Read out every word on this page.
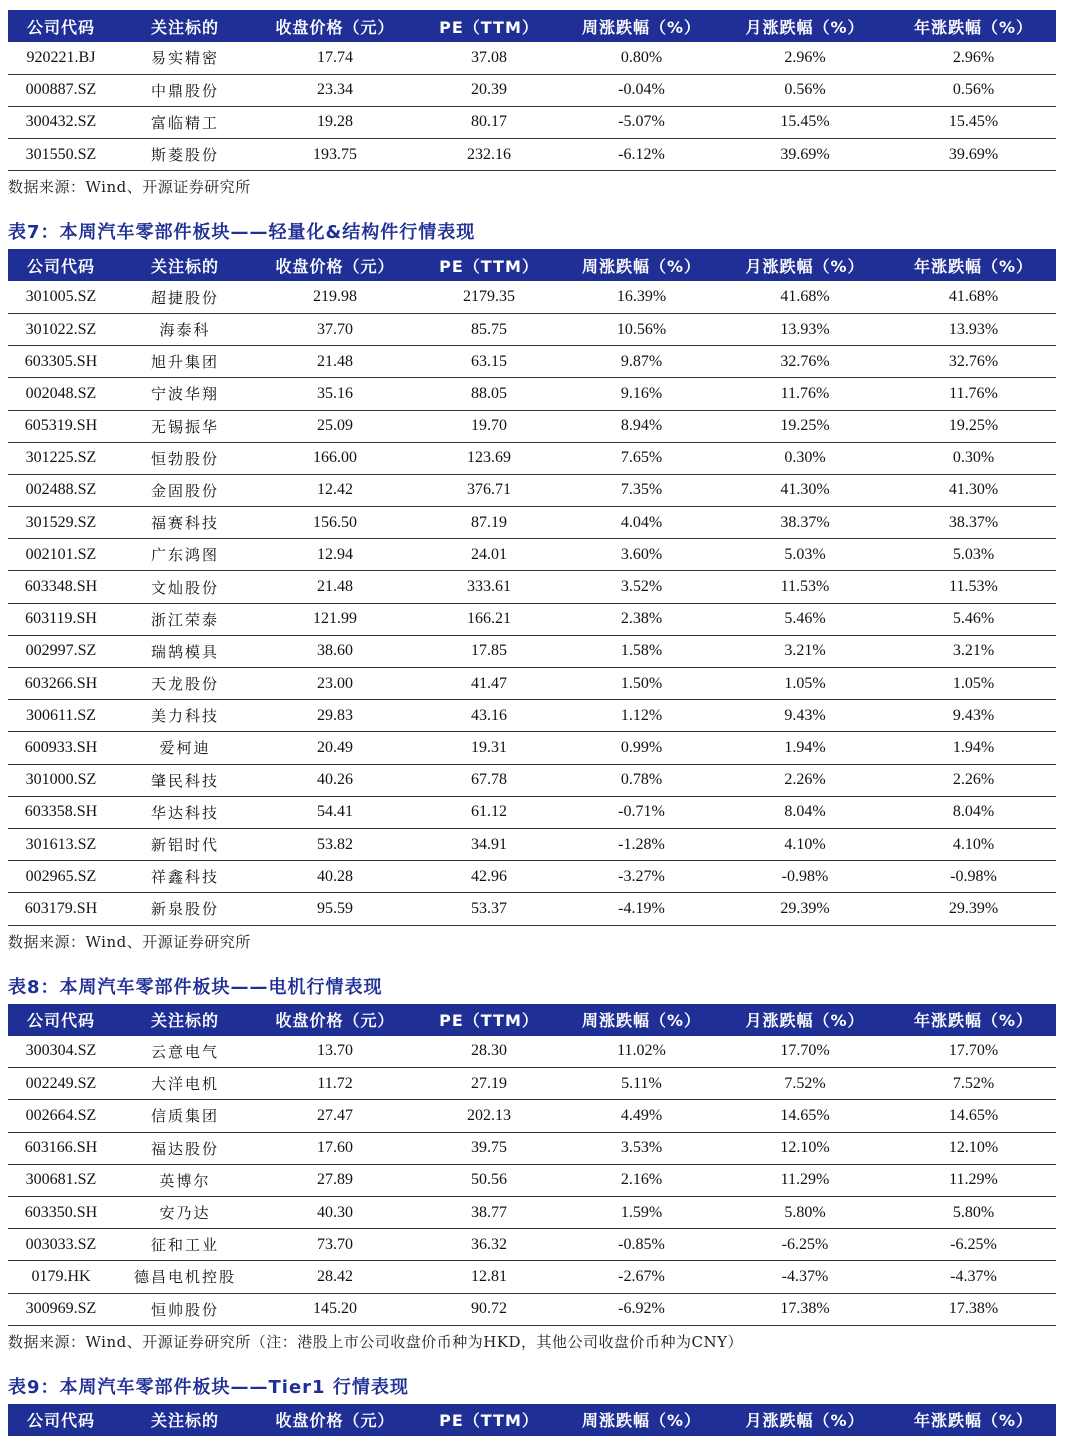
公司代码	关注标的	收盘价格（元）	PE（TTM）	周涨跌幅（%）	月涨跌幅（%）	年涨跌幅（%）
920221.BJ	易实精密	17.74	37.08	0.80%	2.96%	2.96%
000887.SZ	中鼎股份	23.34	20.39	-0.04%	0.56%	0.56%
300432.SZ	富临精工	19.28	80.17	-5.07%	15.45%	15.45%
301550.SZ	斯菱股份	193.75	232.16	-6.12%	39.69%	39.69%
数据来源：Wind、开源证券研究所
表7：本周汽车零部件板块——轻量化&结构件行情表现
公司代码	关注标的	收盘价格（元）	PE（TTM）	周涨跌幅（%）	月涨跌幅（%）	年涨跌幅（%）
301005.SZ	超捷股份	219.98	2179.35	16.39%	41.68%	41.68%
301022.SZ	海泰科	37.70	85.75	10.56%	13.93%	13.93%
603305.SH	旭升集团	21.48	63.15	9.87%	32.76%	32.76%
002048.SZ	宁波华翔	35.16	88.05	9.16%	11.76%	11.76%
605319.SH	无锡振华	25.09	19.70	8.94%	19.25%	19.25%
301225.SZ	恒勃股份	166.00	123.69	7.65%	0.30%	0.30%
002488.SZ	金固股份	12.42	376.71	7.35%	41.30%	41.30%
301529.SZ	福赛科技	156.50	87.19	4.04%	38.37%	38.37%
002101.SZ	广东鸿图	12.94	24.01	3.60%	5.03%	5.03%
603348.SH	文灿股份	21.48	333.61	3.52%	11.53%	11.53%
603119.SH	浙江荣泰	121.99	166.21	2.38%	5.46%	5.46%
002997.SZ	瑞鹄模具	38.60	17.85	1.58%	3.21%	3.21%
603266.SH	天龙股份	23.00	41.47	1.50%	1.05%	1.05%
300611.SZ	美力科技	29.83	43.16	1.12%	9.43%	9.43%
600933.SH	爱柯迪	20.49	19.31	0.99%	1.94%	1.94%
301000.SZ	肇民科技	40.26	67.78	0.78%	2.26%	2.26%
603358.SH	华达科技	54.41	61.12	-0.71%	8.04%	8.04%
301613.SZ	新铝时代	53.82	34.91	-1.28%	4.10%	4.10%
002965.SZ	祥鑫科技	40.28	42.96	-3.27%	-0.98%	-0.98%
603179.SH	新泉股份	95.59	53.37	-4.19%	29.39%	29.39%
数据来源：Wind、开源证券研究所
表8：本周汽车零部件板块——电机行情表现
公司代码	关注标的	收盘价格（元）	PE（TTM）	周涨跌幅（%）	月涨跌幅（%）	年涨跌幅（%）
300304.SZ	云意电气	13.70	28.30	11.02%	17.70%	17.70%
002249.SZ	大洋电机	11.72	27.19	5.11%	7.52%	7.52%
002664.SZ	信质集团	27.47	202.13	4.49%	14.65%	14.65%
603166.SH	福达股份	17.60	39.75	3.53%	12.10%	12.10%
300681.SZ	英博尔	27.89	50.56	2.16%	11.29%	11.29%
603350.SH	安乃达	40.30	38.77	1.59%	5.80%	5.80%
003033.SZ	征和工业	73.70	36.32	-0.85%	-6.25%	-6.25%
0179.HK	德昌电机控股	28.42	12.81	-2.67%	-4.37%	-4.37%
300969.SZ	恒帅股份	145.20	90.72	-6.92%	17.38%	17.38%
数据来源：Wind、开源证券研究所（注：港股上市公司收盘价币种为HKD，其他公司收盘价币种为CNY）
表9：本周汽车零部件板块——Tier1 行情表现
公司代码	关注标的	收盘价格（元）	PE（TTM）	周涨跌幅（%）	月涨跌幅（%）	年涨跌幅（%）
